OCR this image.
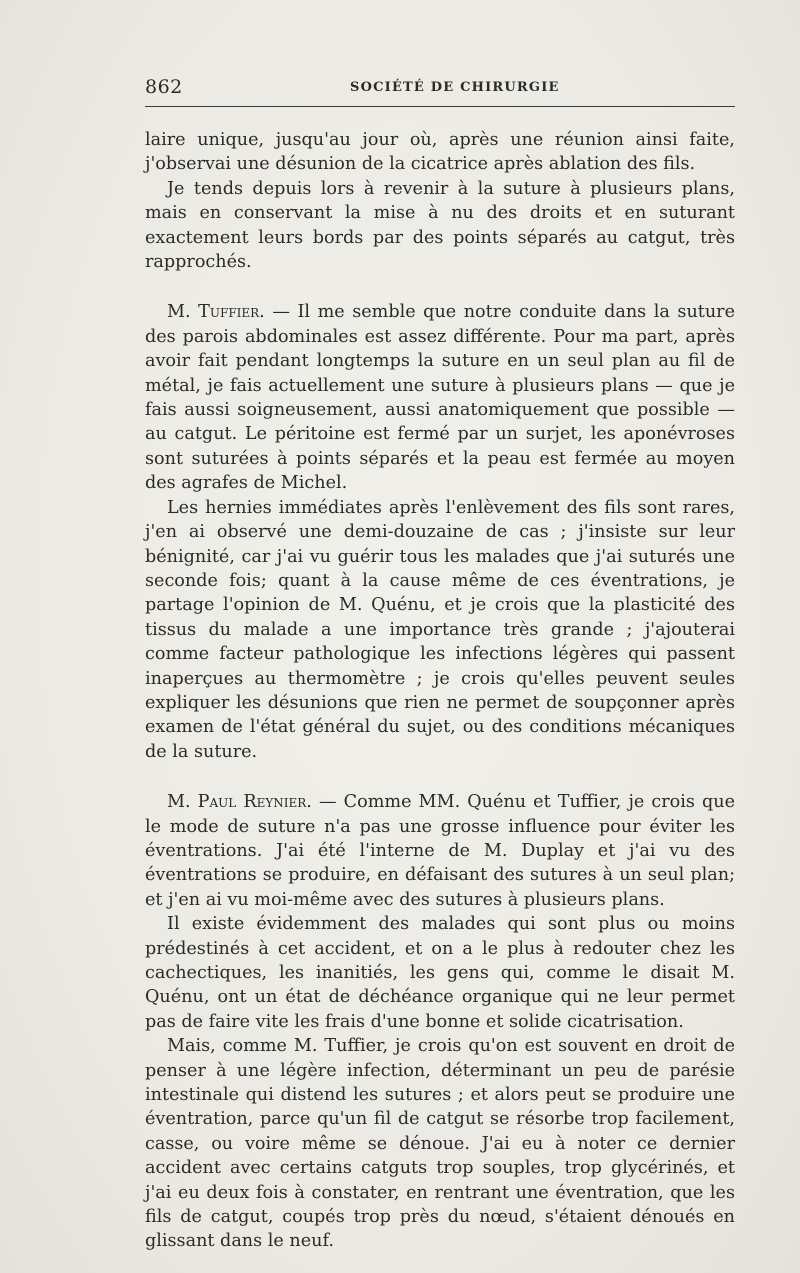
862	SOCIÉTÉ DE CHIRURGIE

laire unique, jusqu'au jour où, après une réunion ainsi faite, j'observai une désunion de la cicatrice après ablation des fils.

Je tends depuis lors à revenir à la suture à plusieurs plans, mais en conservant la mise à nu des droits et en suturant exactement leurs bords par des points séparés au catgut, très rapprochés.

M. Tuffier. — Il me semble que notre conduite dans la suture des parois abdominales est assez différente. Pour ma part, après avoir fait pendant longtemps la suture en un seul plan au fil de métal, je fais actuellement une suture à plusieurs plans — que je fais aussi soigneusement, aussi anatomiquement que possible — au catgut. Le péritoine est fermé par un surjet, les aponévroses sont suturées à points séparés et la peau est fermée au moyen des agrafes de Michel.

Les hernies immédiates après l'enlèvement des fils sont rares, j'en ai observé une demi-douzaine de cas ; j'insiste sur leur bénignité, car j'ai vu guérir tous les malades que j'ai suturés une seconde fois; quant à la cause même de ces éventrations, je partage l'opinion de M. Quénu, et je crois que la plasticité des tissus du malade a une importance très grande ; j'ajouterai comme facteur pathologique les infections légères qui passent inaperçues au thermomètre ; je crois qu'elles peuvent seules expliquer les désunions que rien ne permet de soupçonner après examen de l'état général du sujet, ou des conditions mécaniques de la suture.

M. Paul Reynier. — Comme MM. Quénu et Tuffier, je crois que le mode de suture n'a pas une grosse influence pour éviter les éventrations. J'ai été l'interne de M. Duplay et j'ai vu des éventrations se produire, en défaisant des sutures à un seul plan; et j'en ai vu moi-même avec des sutures à plusieurs plans.

Il existe évidemment des malades qui sont plus ou moins prédestinés à cet accident, et on a le plus à redouter chez les cachectiques, les inanitiés, les gens qui, comme le disait M. Quénu, ont un état de déchéance organique qui ne leur permet pas de faire vite les frais d'une bonne et solide cicatrisation.

Mais, comme M. Tuffier, je crois qu'on est souvent en droit de penser à une légère infection, déterminant un peu de parésie intestinale qui distend les sutures ; et alors peut se produire une éventration, parce qu'un fil de catgut se résorbe trop facilement, casse, ou voire même se dénoue. J'ai eu à noter ce dernier accident avec certains catguts trop souples, trop glycérinés, et j'ai eu deux fois à constater, en rentrant une éventration, que les fils de catgut, coupés trop près du nœud, s'étaient dénoués en glissant dans le neuf.
